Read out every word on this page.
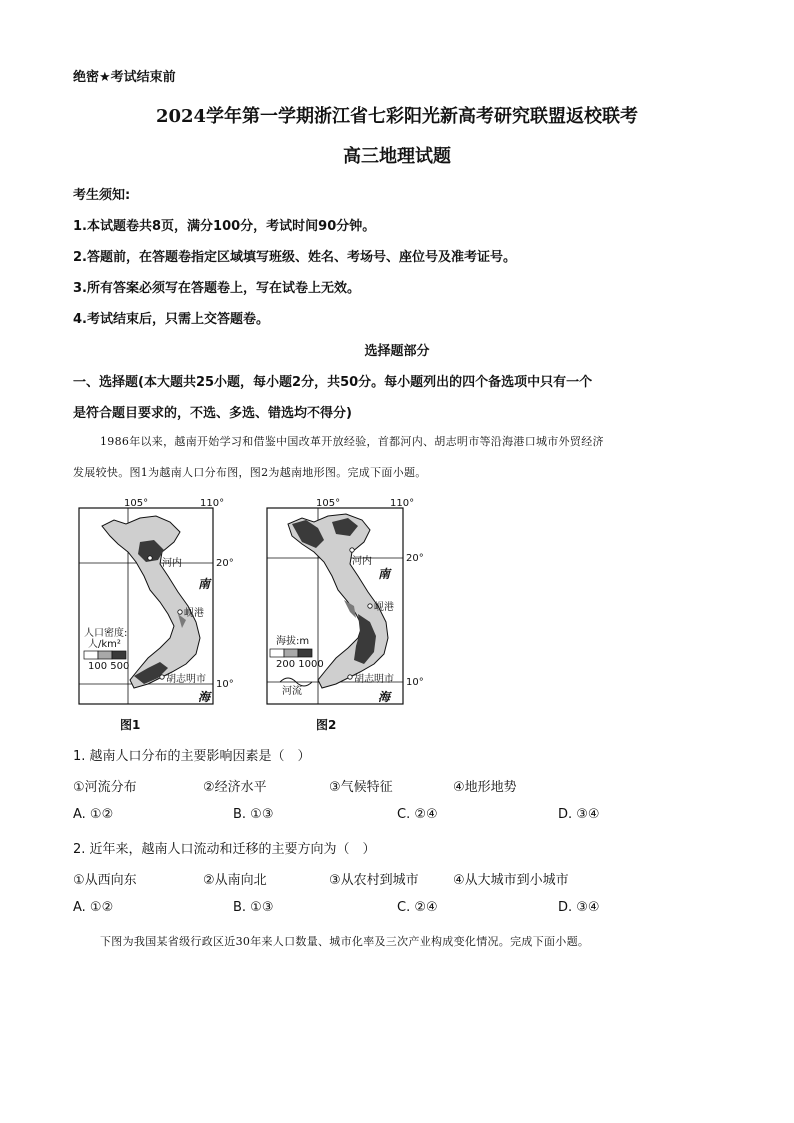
绝密★考试结束前
2024学年第一学期浙江省七彩阳光新高考研究联盟返校联考
高三地理试题
考生须知:
1.本试题卷共8页，满分100分，考试时间90分钟。
2.答题前，在答题卷指定区域填写班级、姓名、考场号、座位号及准考证号。
3.所有答案必须写在答题卷上，写在试卷上无效。
4.考试结束后，只需上交答题卷。
选择题部分
一、选择题(本大题共25小题，每小题2分，共50分。每小题列出的四个备选项中只有一个
是符合题目要求的，不选、多选、错选均不得分)
1986年以来，越南开始学习和借鉴中国改革开放经验，首都河内、胡志明市等沿海港口城市外贸经济
发展较快。图1为越南人口分布图，图2为越南地形图。完成下面小题。
105°	110°
20°
10°
河内
岘港
胡志明市
南
海
人口密度:
人/km²
100 500
图1
105°	110°
20°
10°
河内
岘港
胡志明市
南
海
海拔:m
200 1000
河流
图2
1. 越南人口分布的主要影响因素是（　）
①河流分布	②经济水平	③气候特征	④地形地势
A. ①②	B. ①③	C. ②④	D. ③④
2. 近年来，越南人口流动和迁移的主要方向为（　）
①从西向东	②从南向北	③从农村到城市	④从大城市到小城市
A. ①②	B. ①③	C. ②④	D. ③④
下图为我国某省级行政区近30年来人口数量、城市化率及三次产业构成变化情况。完成下面小题。
